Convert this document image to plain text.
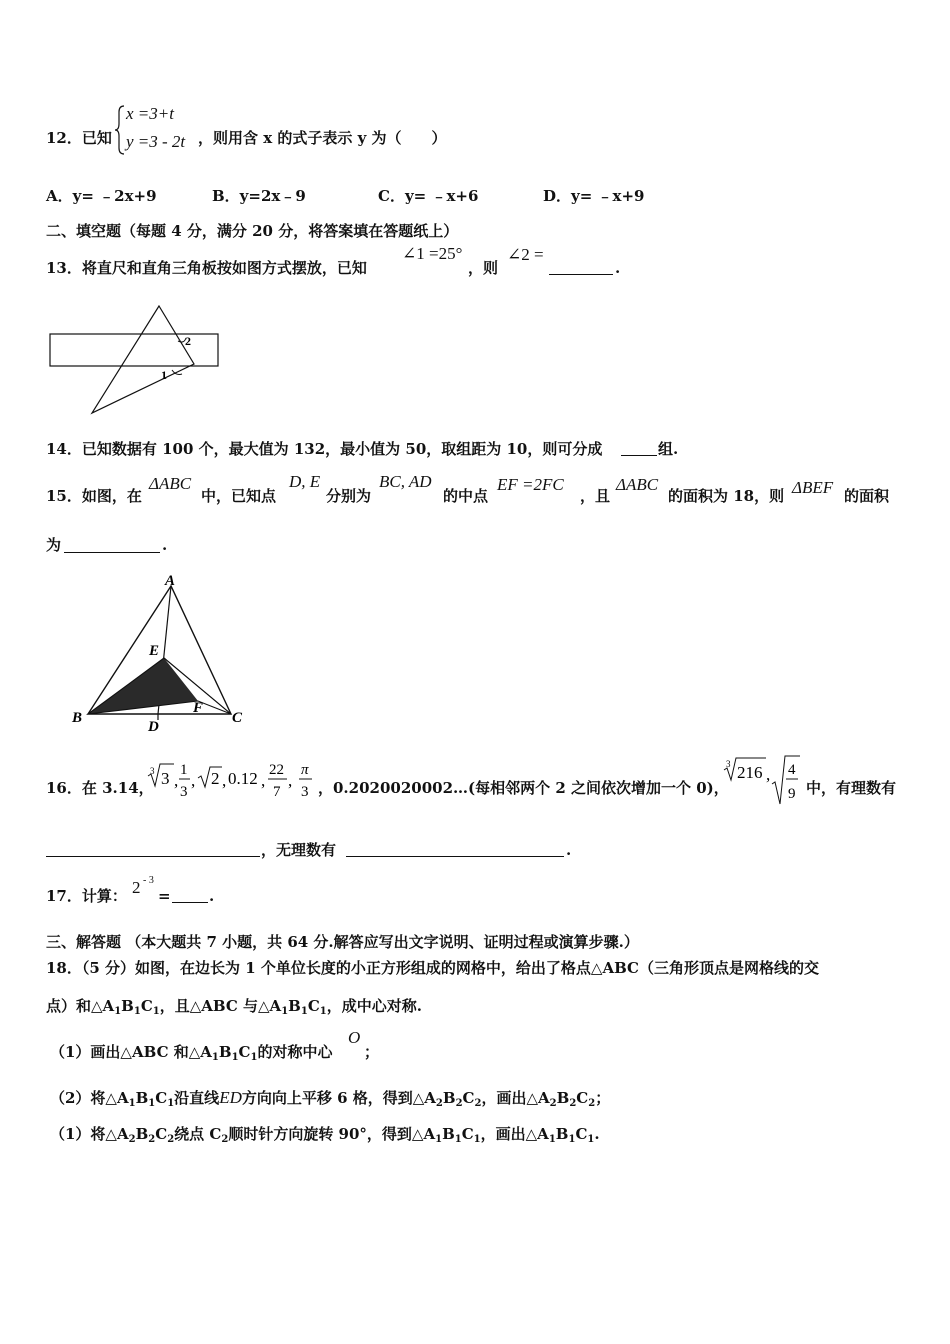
12．已知
x =3+t
y =3 - 2t ，则用含 x 的式子表示 y 为（　　）
A．y= ﹣2x+9	B．y=2x﹣9	C．y= ﹣x+6	D．y= ﹣x+9
二、填空题（每题 4 分，满分 20 分，将答案填在答题纸上）
13．将直尺和直角三角板按如图方式摆放，已知
∠1 =25°
，则
∠2 =
.
2
1
14．已知数据有 100 个，最大值为 132，最小值为 50，取组距为 10，则可分成	组.
15．如图，在
ΔABC
中，已知点
D, E
分别为
BC, AD
的中点
EF =2FC
，且
ΔABC
的面积为 18，则 ΔBEF 的面积
为	.
A
E
B
F
C
D
16．在 3.14，
3 3 ,
1
3
, 2 , 0.12 ,
22
7
,
π
3 ，0.2020020002…(每相邻两个 2 之间依次增加一个 0)，
3 216 , 4
9 中，有理数有
，无理数有	.
17．计算： 2 - 3
=	.
三、解答题 （本大题共 7 小题，共 64 分.解答应写出文字说明、证明过程或演算步骤.）
18．（5 分）如图，在边长为 1 个单位长度的小正方形组成的网格中，给出了格点△ABC（三角形顶点是网格线的交
点）和$\triangle A_1B_1C_1$，且△ABC 与$\triangle A_1B_1C_1$，成中心对称.
（1）画出△ABC 和$\triangle A_1B_1C_1$的对称中心
O
；
（2）将$\triangle A_1B_1C_1$沿直线ED方向向上平移 6 格，得到$\triangle A_2B_2C_2$，画出$\triangle A_2B_2C_2$；
（1）将$\triangle A_2B_2C_2$绕点 $C_2$顺时针方向旋转 90°，得到$\triangle A_1B_1C_1$，画出$\triangle A_1B_1C_1$.
